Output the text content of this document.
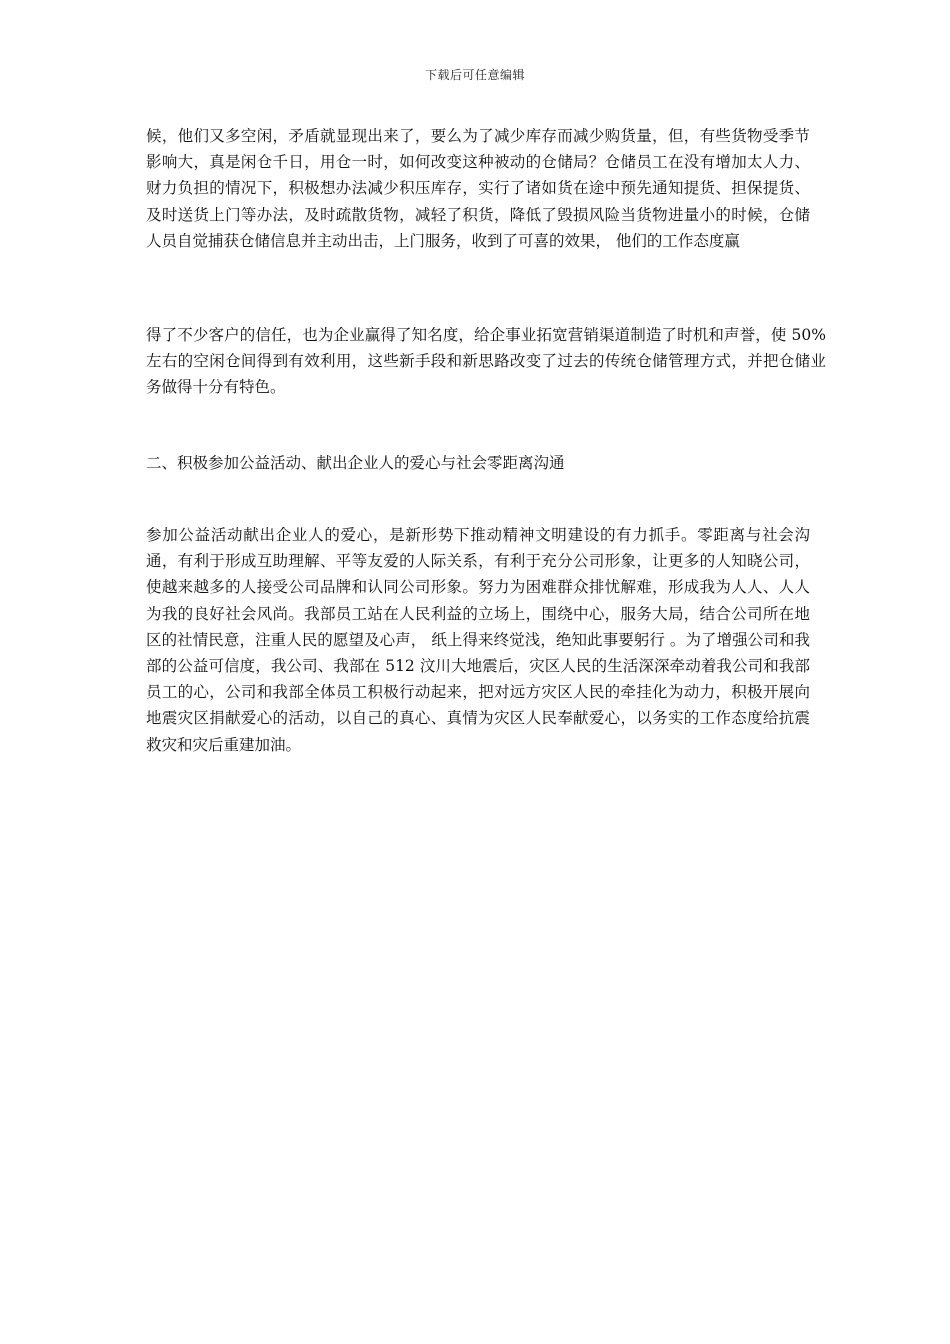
下载后可任意编辑

候，他们又多空闲，矛盾就显现出来了，要么为了减少库存而减少购货量，但，有些货物受季节影响大，真是闲仓千日，用仓一时，如何改变这种被动的仓储局？仓储员工在没有增加太人力、财力负担的情况下，积极想办法减少积压库存，实行了诸如货在途中预先通知提货、担保提货、及时送货上门等办法，及时疏散货物，减轻了积货，降低了毁损风险当货物进量小的时候，仓储人员自觉捕获仓储信息并主动出击，上门服务，收到了可喜的效果， 他们的工作态度赢

得了不少客户的信任，也为企业赢得了知名度，给企事业拓宽营销渠道制造了时机和声誉，使 50%左右的空闲仓间得到有效利用，这些新手段和新思路改变了过去的传统仓储管理方式，并把仓储业务做得十分有特色。

二、积极参加公益活动、献出企业人的爱心与社会零距离沟通

参加公益活动献出企业人的爱心，是新形势下推动精神文明建设的有力抓手。零距离与社会沟通，有利于形成互助理解、平等友爱的人际关系，有利于充分公司形象，让更多的人知晓公司，使越来越多的人接受公司品牌和认同公司形象。努力为困难群众排忧解难，形成我为人人、人人为我的良好社会风尚。我部员工站在人民利益的立场上，围绕中心，服务大局，结合公司所在地区的社情民意，注重人民的愿望及心声， 纸上得来终觉浅，绝知此事要躬行 。为了增强公司和我部的公益可信度，我公司、我部在 512 汶川大地震后，灾区人民的生活深深牵动着我公司和我部员工的心，公司和我部全体员工积极行动起来，把对远方灾区人民的牵挂化为动力，积极开展向地震灾区捐献爱心的活动，以自己的真心、真情为灾区人民奉献爱心，以务实的工作态度给抗震救灾和灾后重建加油。
